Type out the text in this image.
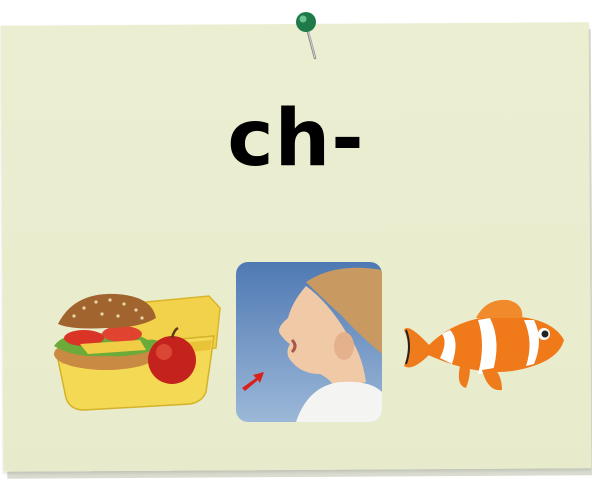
ch-
